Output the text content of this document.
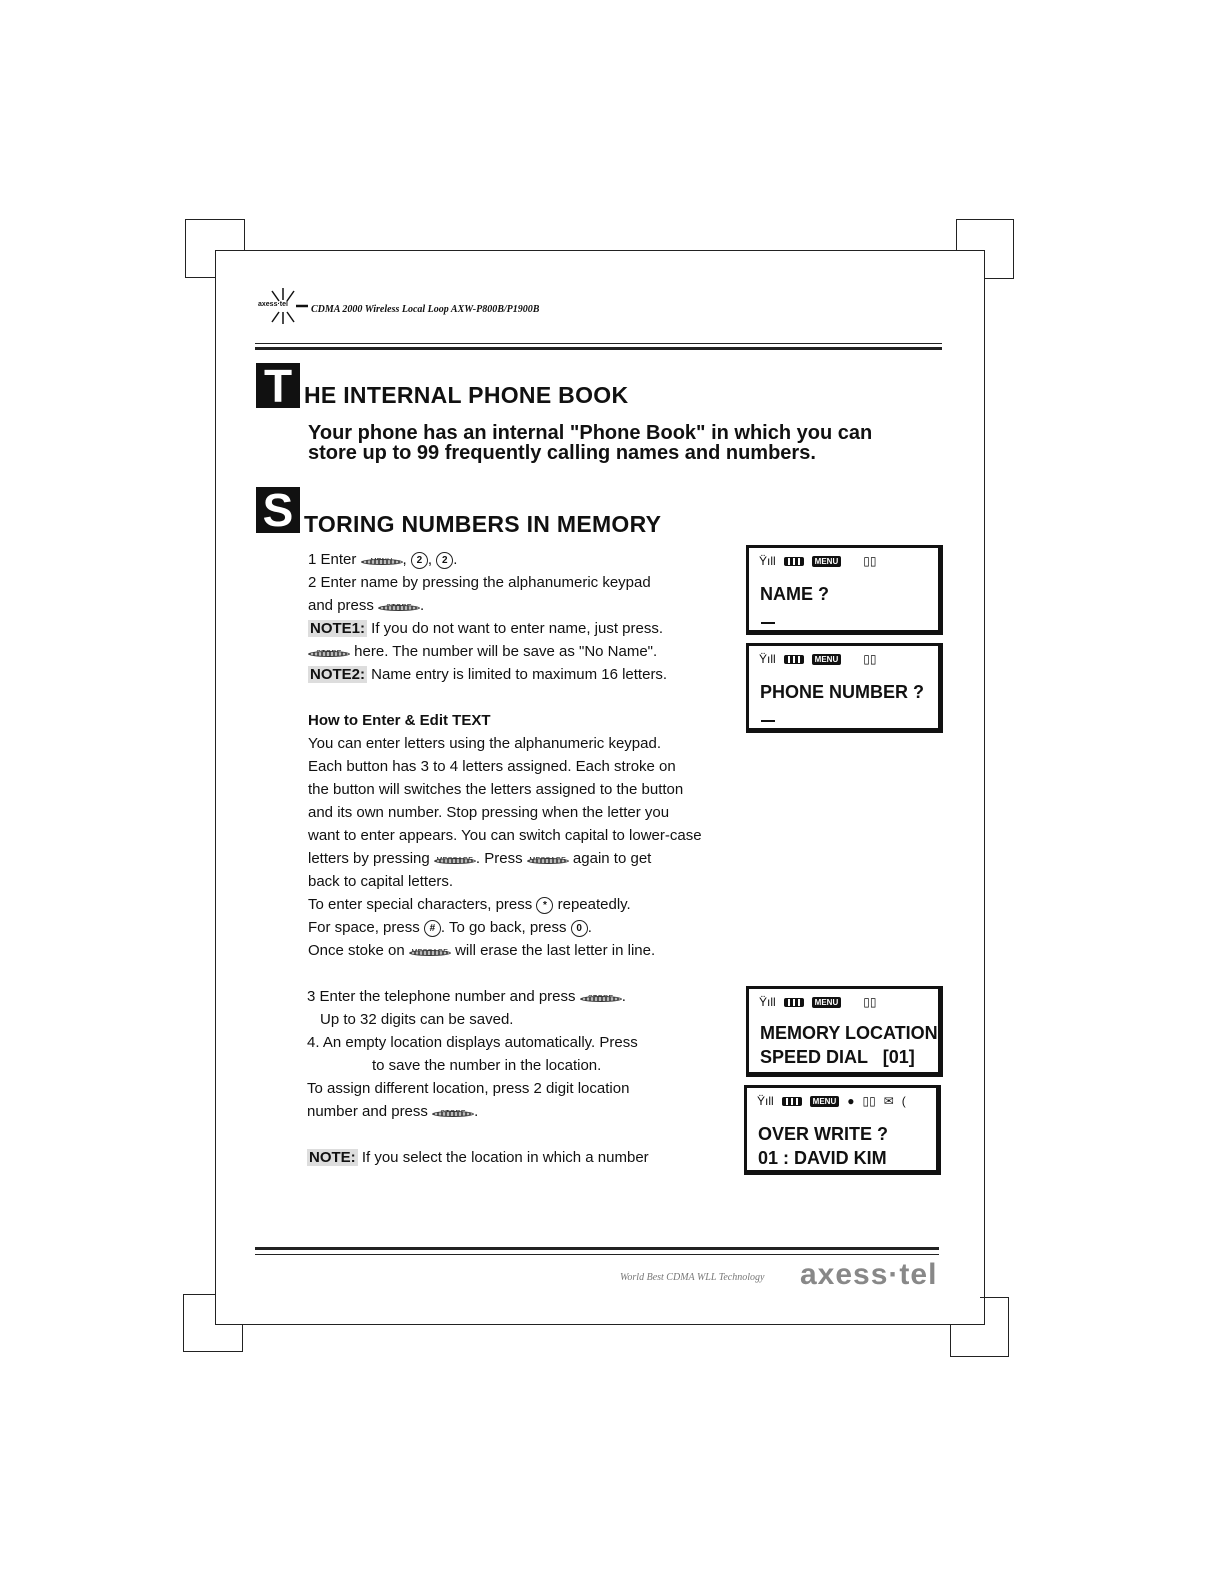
axess·tel CDMA 2000 Wireless Local Loop AXW-P800B/P1900B
T HE INTERNAL PHONE BOOK
Your phone has an internal "Phone Book" in which you can
store up to 99 frequently calling names and numbers.
S TORING NUMBERS IN MEMORY
1 Enter	, 2 , 2 .
2 Enter name by pressing the alphanumeric keypad
and press	.
NOTE1: If you do not want to enter name, just press.
here. The number will be save as "No Name".
NOTE2: Name entry is limited to maximum 16 letters.
How to Enter & Edit TEXT
You can enter letters using the alphanumeric keypad.
Each button has 3 to 4 letters assigned. Each stroke on
the button will switches the letters assigned to the button
and its own number. Stop pressing when the letter you
want to enter appears. You can switch capital to lower-case
letters by pressing	. Press	again to get
back to capital letters.
To enter special characters, press * repeatedly.
For space, press # . To go back, press 0 .
Once stoke on	will erase the last letter in line.
3 Enter the telephone number and press	.
Up to 32 digits can be saved.
4. An empty location displays automatically. Press
to save the number in the location.
To assign different location, press 2 digit location
number and press	.
NOTE: If you select the location in which a number
Ÿıll	MENU ▯▯
NAME ?
Ÿıll	MENU ▯▯
PHONE NUMBER ?
Ÿıll	MENU ▯▯
MEMORY LOCATION
SPEED DIAL   [01]
Ÿıll	MENU ● ▯▯ ✉ (
OVER WRITE ?
01 : DAVID KIM
World Best CDMA WLL Technology axess·tel
